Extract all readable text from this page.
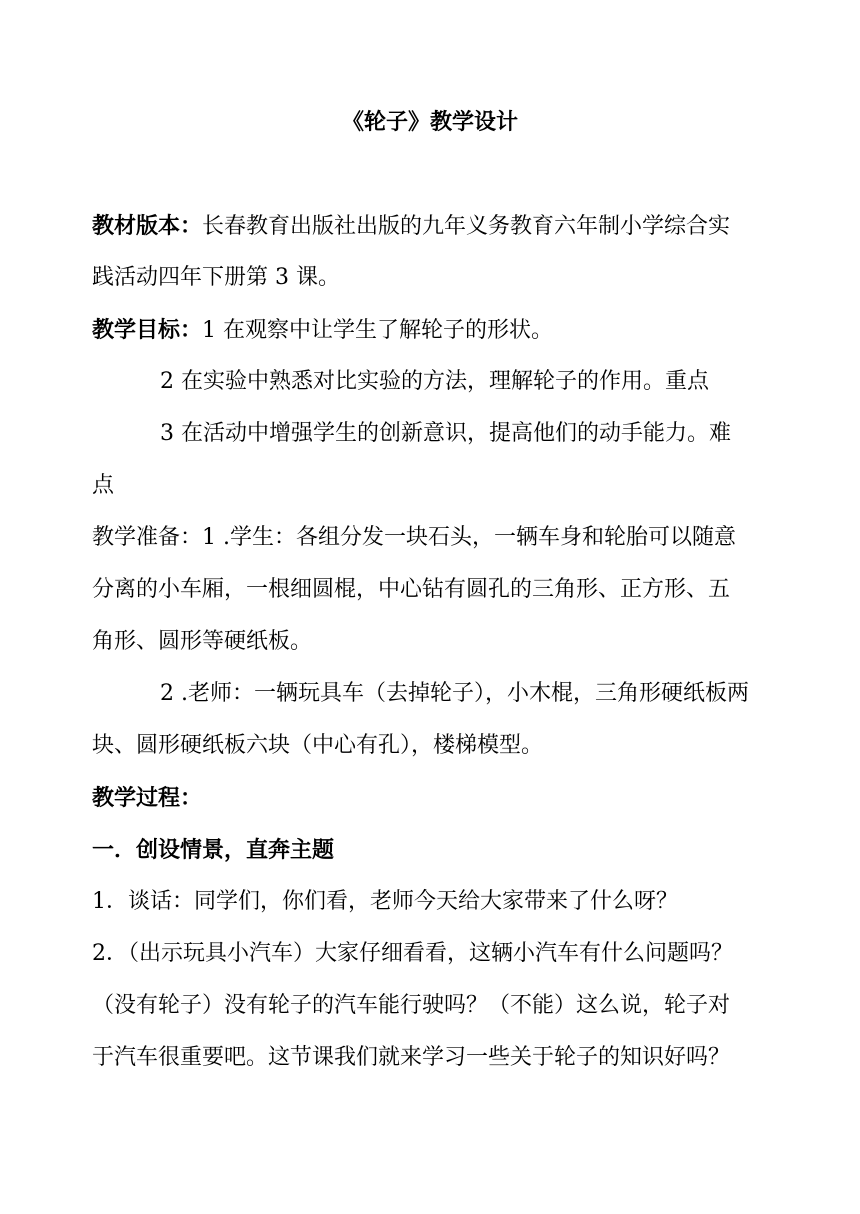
《轮子》教学设计
教材版本：长春教育出版社出版的九年义务教育六年制小学综合实
践活动四年下册第 3 课。
教学目标：1 在观察中让学生了解轮子的形状。
2 在实验中熟悉对比实验的方法，理解轮子的作用。重点
3 在活动中增强学生的创新意识，提高他们的动手能力。难
点
教学准备：1 .学生：各组分发一块石头，一辆车身和轮胎可以随意
分离的小车厢，一根细圆棍，中心钻有圆孔的三角形、正方形、五
角形、圆形等硬纸板。
2 .老师：一辆玩具车（去掉轮子），小木棍，三角形硬纸板两
块、圆形硬纸板六块（中心有孔），楼梯模型。
教学过程：
一．创设情景，直奔主题
1．谈话：同学们，你们看，老师今天给大家带来了什么呀？
2．（出示玩具小汽车）大家仔细看看，这辆小汽车有什么问题吗？
（没有轮子）没有轮子的汽车能行驶吗？（不能）这么说，轮子对
于汽车很重要吧。这节课我们就来学习一些关于轮子的知识好吗？
